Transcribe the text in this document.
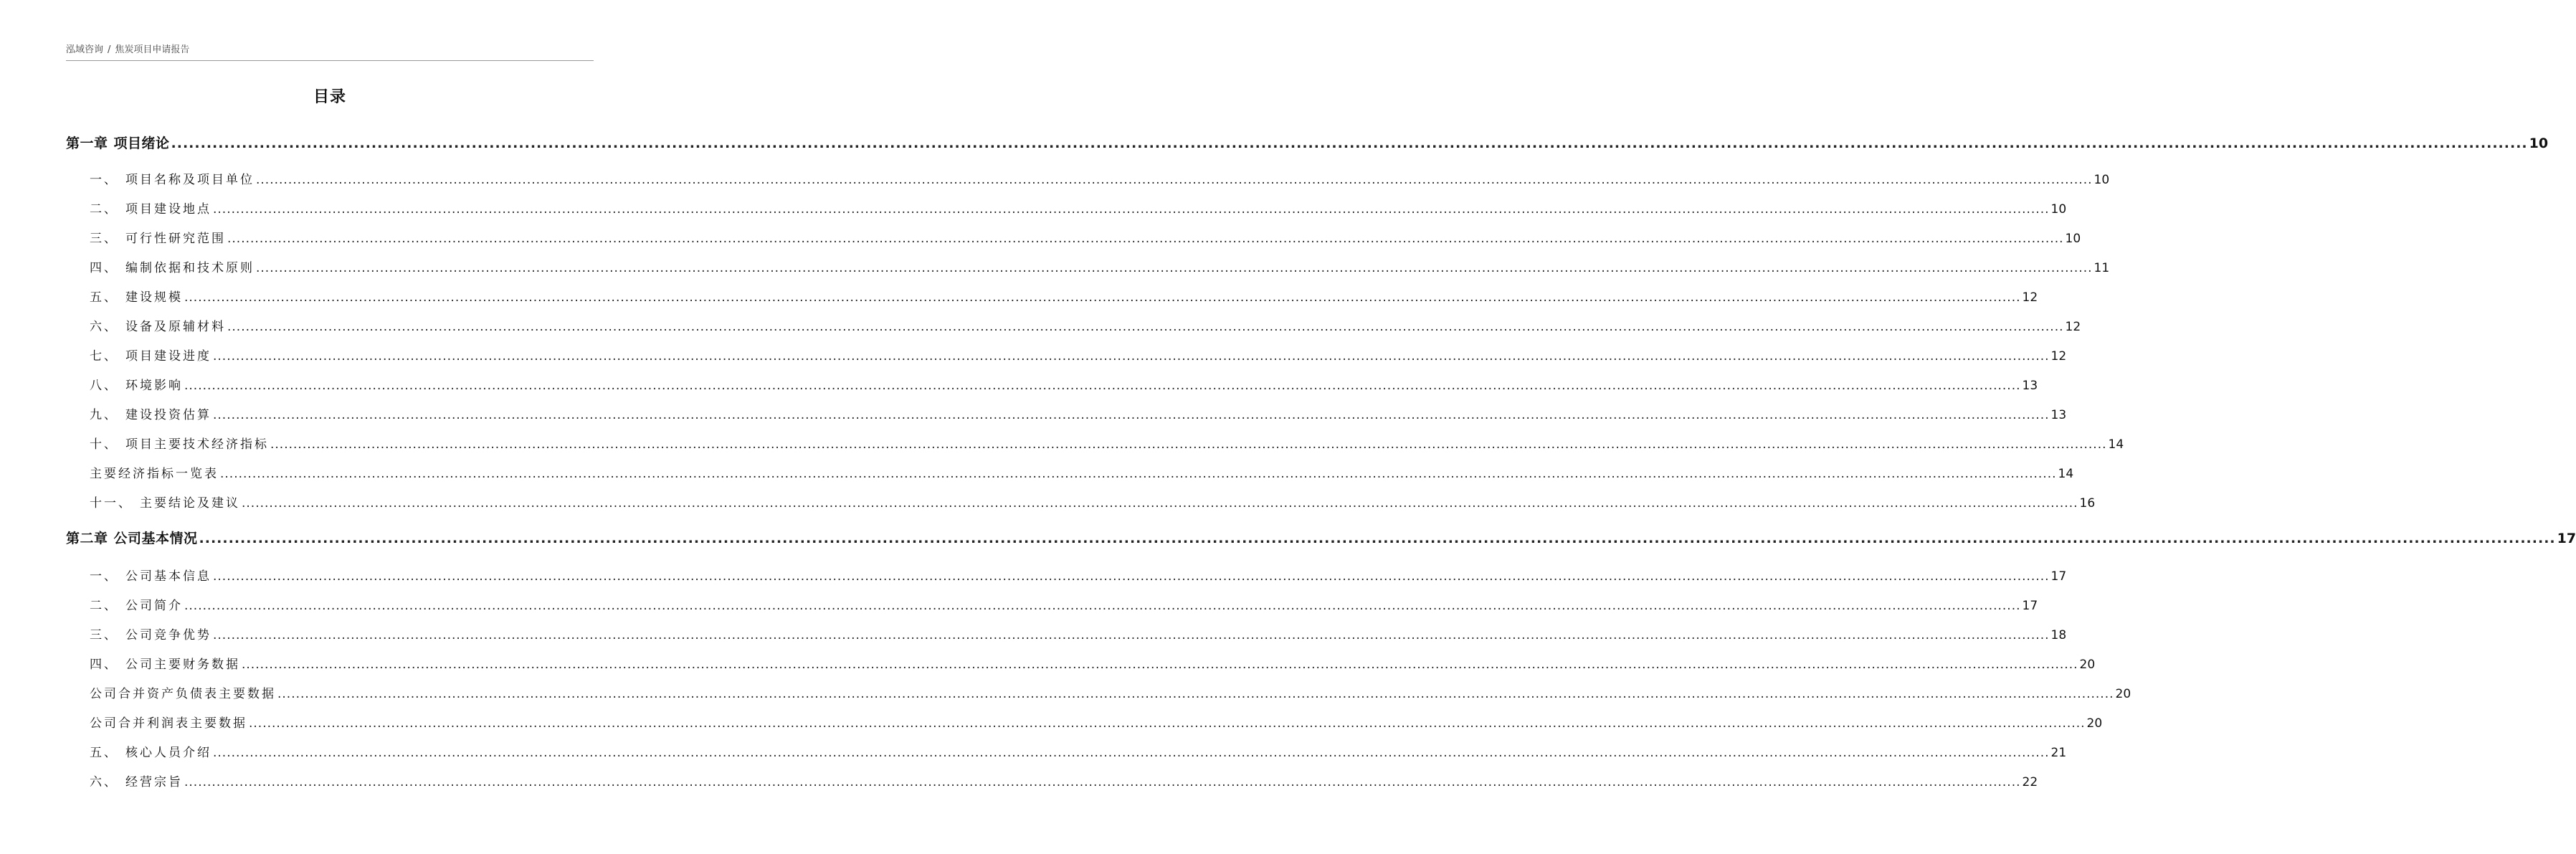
泓域咨询 / 焦炭项目申请报告
目录
第一章 项目绪论 ................................................................................................................................................................................................................................................................................................................................................................................................................ 10
一、 项目名称及项目单位 ................................................................................................................................................................................................................................................................................................................................................................................................................ 10
二、 项目建设地点 ................................................................................................................................................................................................................................................................................................................................................................................................................ 10
三、 可行性研究范围 ................................................................................................................................................................................................................................................................................................................................................................................................................ 10
四、 编制依据和技术原则 ................................................................................................................................................................................................................................................................................................................................................................................................................ 11
五、 建设规模 ................................................................................................................................................................................................................................................................................................................................................................................................................ 12
六、 设备及原辅材料 ................................................................................................................................................................................................................................................................................................................................................................................................................ 12
七、 项目建设进度 ................................................................................................................................................................................................................................................................................................................................................................................................................ 12
八、 环境影响 ................................................................................................................................................................................................................................................................................................................................................................................................................ 13
九、 建设投资估算 ................................................................................................................................................................................................................................................................................................................................................................................................................ 13
十、 项目主要技术经济指标 ................................................................................................................................................................................................................................................................................................................................................................................................................ 14
主要经济指标一览表 ................................................................................................................................................................................................................................................................................................................................................................................................................ 14
十一、 主要结论及建议 ................................................................................................................................................................................................................................................................................................................................................................................................................ 16
第二章 公司基本情况 ................................................................................................................................................................................................................................................................................................................................................................................................................ 17
一、 公司基本信息 ................................................................................................................................................................................................................................................................................................................................................................................................................ 17
二、 公司简介 ................................................................................................................................................................................................................................................................................................................................................................................................................ 17
三、 公司竞争优势 ................................................................................................................................................................................................................................................................................................................................................................................................................ 18
四、 公司主要财务数据 ................................................................................................................................................................................................................................................................................................................................................................................................................ 20
公司合并资产负债表主要数据 ................................................................................................................................................................................................................................................................................................................................................................................................................ 20
公司合并利润表主要数据 ................................................................................................................................................................................................................................................................................................................................................................................................................ 20
五、 核心人员介绍 ................................................................................................................................................................................................................................................................................................................................................................................................................ 21
六、 经营宗旨 ................................................................................................................................................................................................................................................................................................................................................................................................................ 22
